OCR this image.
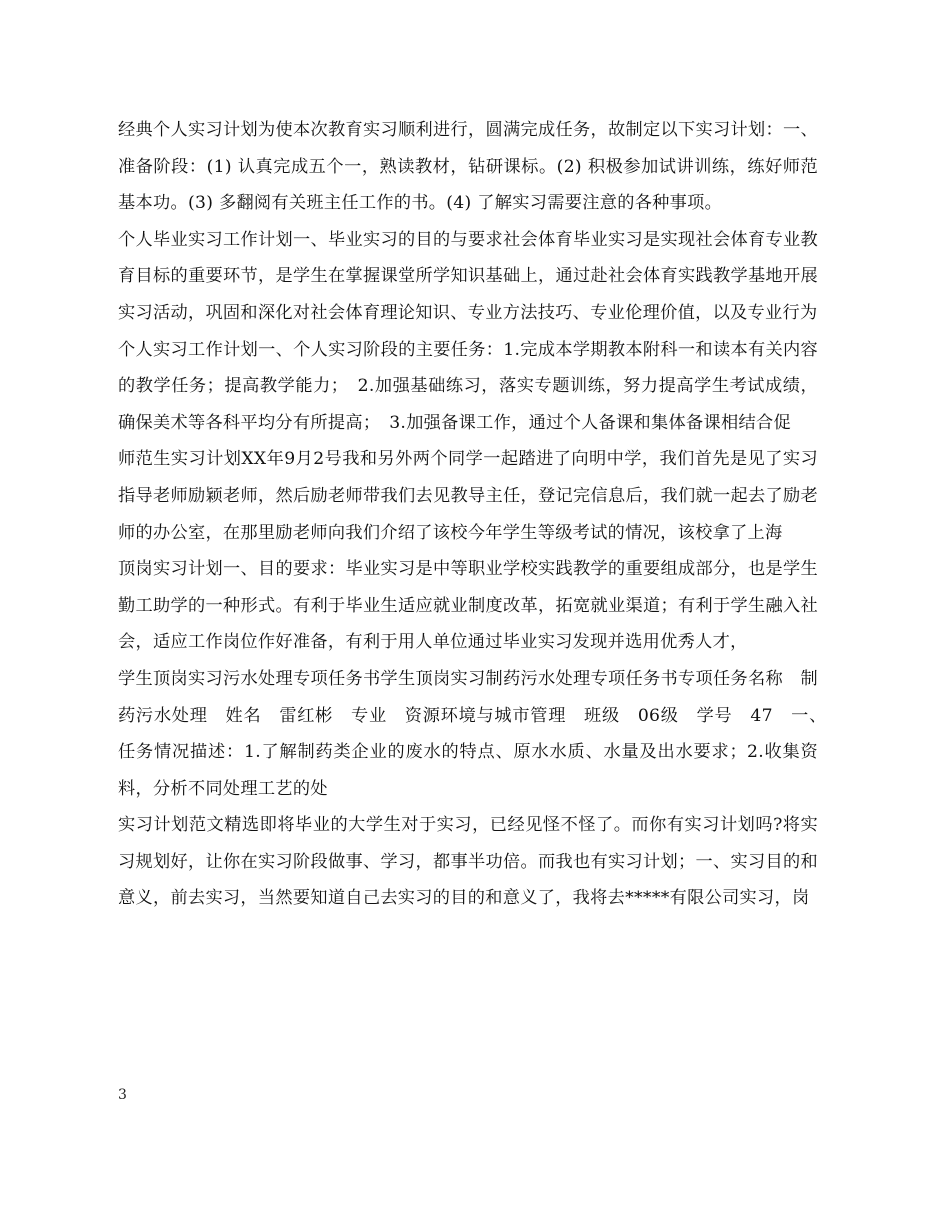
经典个人实习计划为使本次教育实习顺利进行，圆满完成任务，故制定以下实习计划：一、准备阶段：(1) 认真完成五个一，熟读教材，钻研课标。(2) 积极参加试讲训练，练好师范基本功。(3) 多翻阅有关班主任工作的书。(4) 了解实习需要注意的各种事项。

个人毕业实习工作计划一、毕业实习的目的与要求社会体育毕业实习是实现社会体育专业教育目标的重要环节，是学生在掌握课堂所学知识基础上，通过赴社会体育实践教学基地开展实习活动，巩固和深化对社会体育理论知识、专业方法技巧、专业伦理价值，以及专业行为

个人实习工作计划一、个人实习阶段的主要任务：1.完成本学期教本附科一和读本有关内容的教学任务；提高教学能力；　2.加强基础练习，落实专题训练，努力提高学生考试成绩，确保美术等各科平均分有所提高；　3.加强备课工作，通过个人备课和集体备课相结合促

师范生实习计划XX年9月2号我和另外两个同学一起踏进了向明中学，我们首先是见了实习指导老师励颖老师，然后励老师带我们去见教导主任，登记完信息后，我们就一起去了励老师的办公室，在那里励老师向我们介绍了该校今年学生等级考试的情况，该校拿了上海

顶岗实习计划一、目的要求：毕业实习是中等职业学校实践教学的重要组成部分，也是学生勤工助学的一种形式。有利于毕业生适应就业制度改革，拓宽就业渠道；有利于学生融入社会，适应工作岗位作好准备，有利于用人单位通过毕业实习发现并选用优秀人才，

学生顶岗实习污水处理专项任务书学生顶岗实习制药污水处理专项任务书专项任务名称　制药污水处理　姓名　雷红彬　专业　资源环境与城市管理　班级　06级　学号　47　一、　任务情况描述：1.了解制药类企业的废水的特点、原水水质、水量及出水要求；2.收集资料，分析不同处理工艺的处

实习计划范文精选即将毕业的大学生对于实习，已经见怪不怪了。而你有实习计划吗?将实习规划好，让你在实习阶段做事、学习，都事半功倍。而我也有实习计划；一、实习目的和意义，前去实习，当然要知道自己去实习的目的和意义了，我将去*****有限公司实习，岗

3
